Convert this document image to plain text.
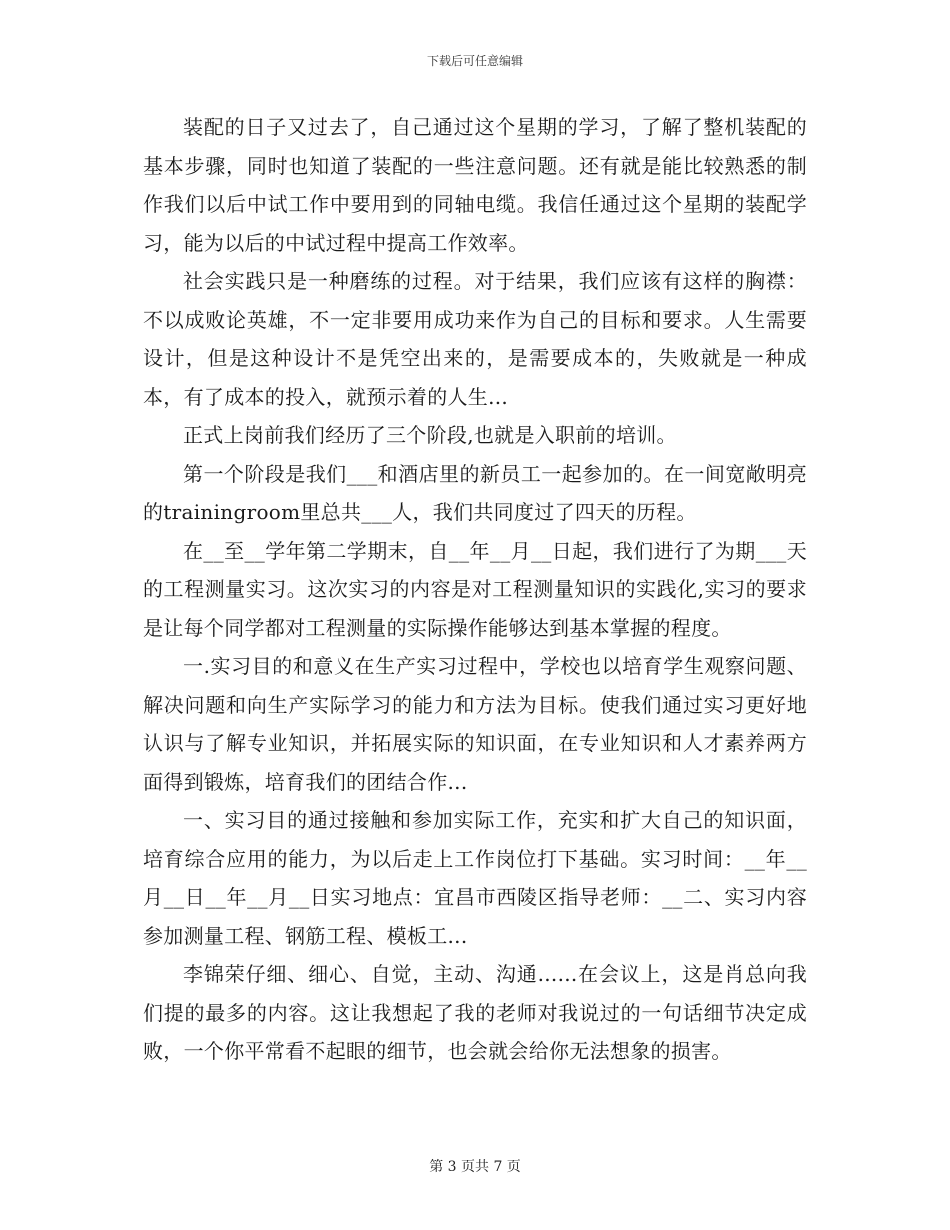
下载后可任意编辑

装配的日子又过去了，自己通过这个星期的学习，了解了整机装配的基本步骤，同时也知道了装配的一些注意问题。还有就是能比较熟悉的制作我们以后中试工作中要用到的同轴电缆。我信任通过这个星期的装配学习，能为以后的中试过程中提高工作效率。

社会实践只是一种磨练的过程。对于结果，我们应该有这样的胸襟：不以成败论英雄，不一定非要用成功来作为自己的目标和要求。人生需要设计，但是这种设计不是凭空出来的，是需要成本的，失败就是一种成本，有了成本的投入，就预示着的人生...

正式上岗前我们经历了三个阶段,也就是入职前的培训。

第一个阶段是我们___和酒店里的新员工一起参加的。在一间宽敞明亮的trainingroom里总共___人，我们共同度过了四天的历程。

在__至__学年第二学期末，自__年__月__日起，我们进行了为期___天的工程测量实习。这次实习的内容是对工程测量知识的实践化,实习的要求是让每个同学都对工程测量的实际操作能够达到基本掌握的程度。

一.实习目的和意义在生产实习过程中，学校也以培育学生观察问题、解决问题和向生产实际学习的能力和方法为目标。使我们通过实习更好地认识与了解专业知识，并拓展实际的知识面，在专业知识和人才素养两方面得到锻炼，培育我们的团结合作...

一、实习目的通过接触和参加实际工作，充实和扩大自己的知识面，培育综合应用的能力，为以后走上工作岗位打下基础。实习时间：__年__月__日__年__月__日实习地点：宜昌市西陵区指导老师：__二、实习内容参加测量工程、钢筋工程、模板工...

李锦荣仔细、细心、自觉，主动、沟通......在会议上，这是肖总向我们提的最多的内容。这让我想起了我的老师对我说过的一句话细节决定成败，一个你平常看不起眼的细节，也会就会给你无法想象的损害。

第 3 页共 7 页
